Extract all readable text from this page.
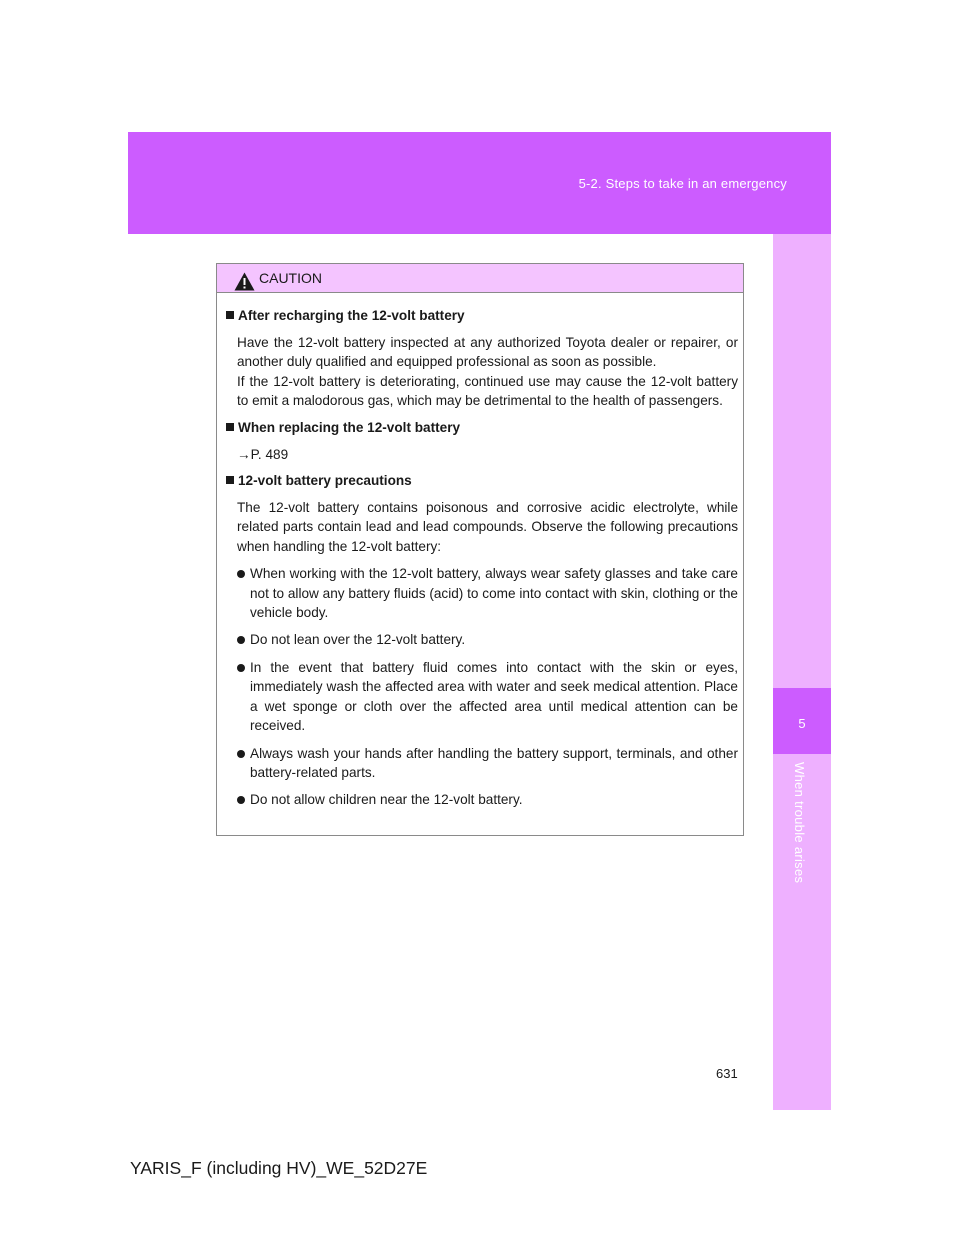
5-2. Steps to take in an emergency
5
When trouble arises
CAUTION
After recharging the 12-volt battery
Have the 12-volt battery inspected at any authorized Toyota dealer or repairer, or another duly qualified and equipped professional as soon as possible.
If the 12-volt battery is deteriorating, continued use may cause the 12-volt battery to emit a malodorous gas, which may be detrimental to the health of passengers.
When replacing the 12-volt battery
→P. 489
12-volt battery precautions
The 12-volt battery contains poisonous and corrosive acidic electrolyte, while related parts contain lead and lead compounds. Observe the following precautions when handling the 12-volt battery:
When working with the 12-volt battery, always wear safety glasses and take care not to allow any battery fluids (acid) to come into contact with skin, clothing or the vehicle body.
Do not lean over the 12-volt battery.
In the event that battery fluid comes into contact with the skin or eyes, immediately wash the affected area with water and seek medical attention. Place a wet sponge or cloth over the affected area until medical attention can be received.
Always wash your hands after handling the battery support, terminals, and other battery-related parts.
Do not allow children near the 12-volt battery.
631
YARIS_F (including HV)_WE_52D27E
